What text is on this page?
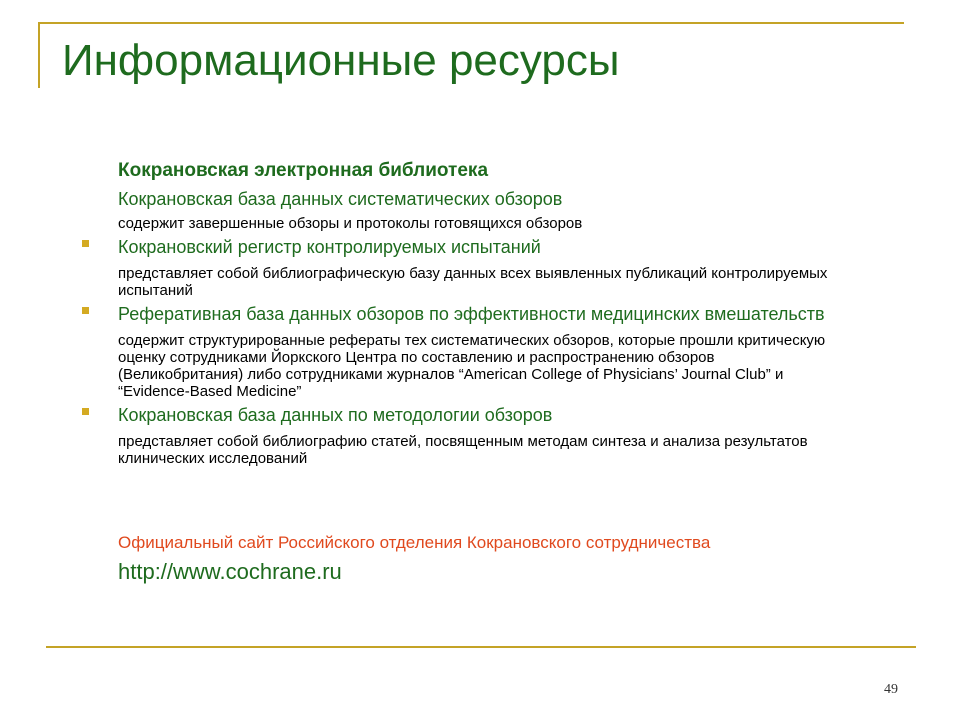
Информационные ресурсы
Кокрановская электронная библиотека
Кокрановская база данных систематических обзоров
содержит завершенные обзоры и протоколы готовящихся обзоров
Кокрановский регистр контролируемых испытаний
представляет собой библиографическую базу данных всех выявленных публикаций контролируемых испытаний
Реферативная база данных обзоров по эффективности медицинских вмешательств
содержит структурированные рефераты тех систематических обзоров, которые прошли критическую оценку сотрудниками Йоркского Центра по составлению и распространению обзоров (Великобритания) либо сотрудниками журналов “American College of Physicians’ Journal Club” и “Evidence-Based Medicine”
Кокрановская база данных по методологии обзоров
представляет собой библиографию статей, посвященным методам синтеза и анализа результатов клинических исследований
Официальный сайт Российского отделения Кокрановского сотрудничества
http://www.cochrane.ru
49
